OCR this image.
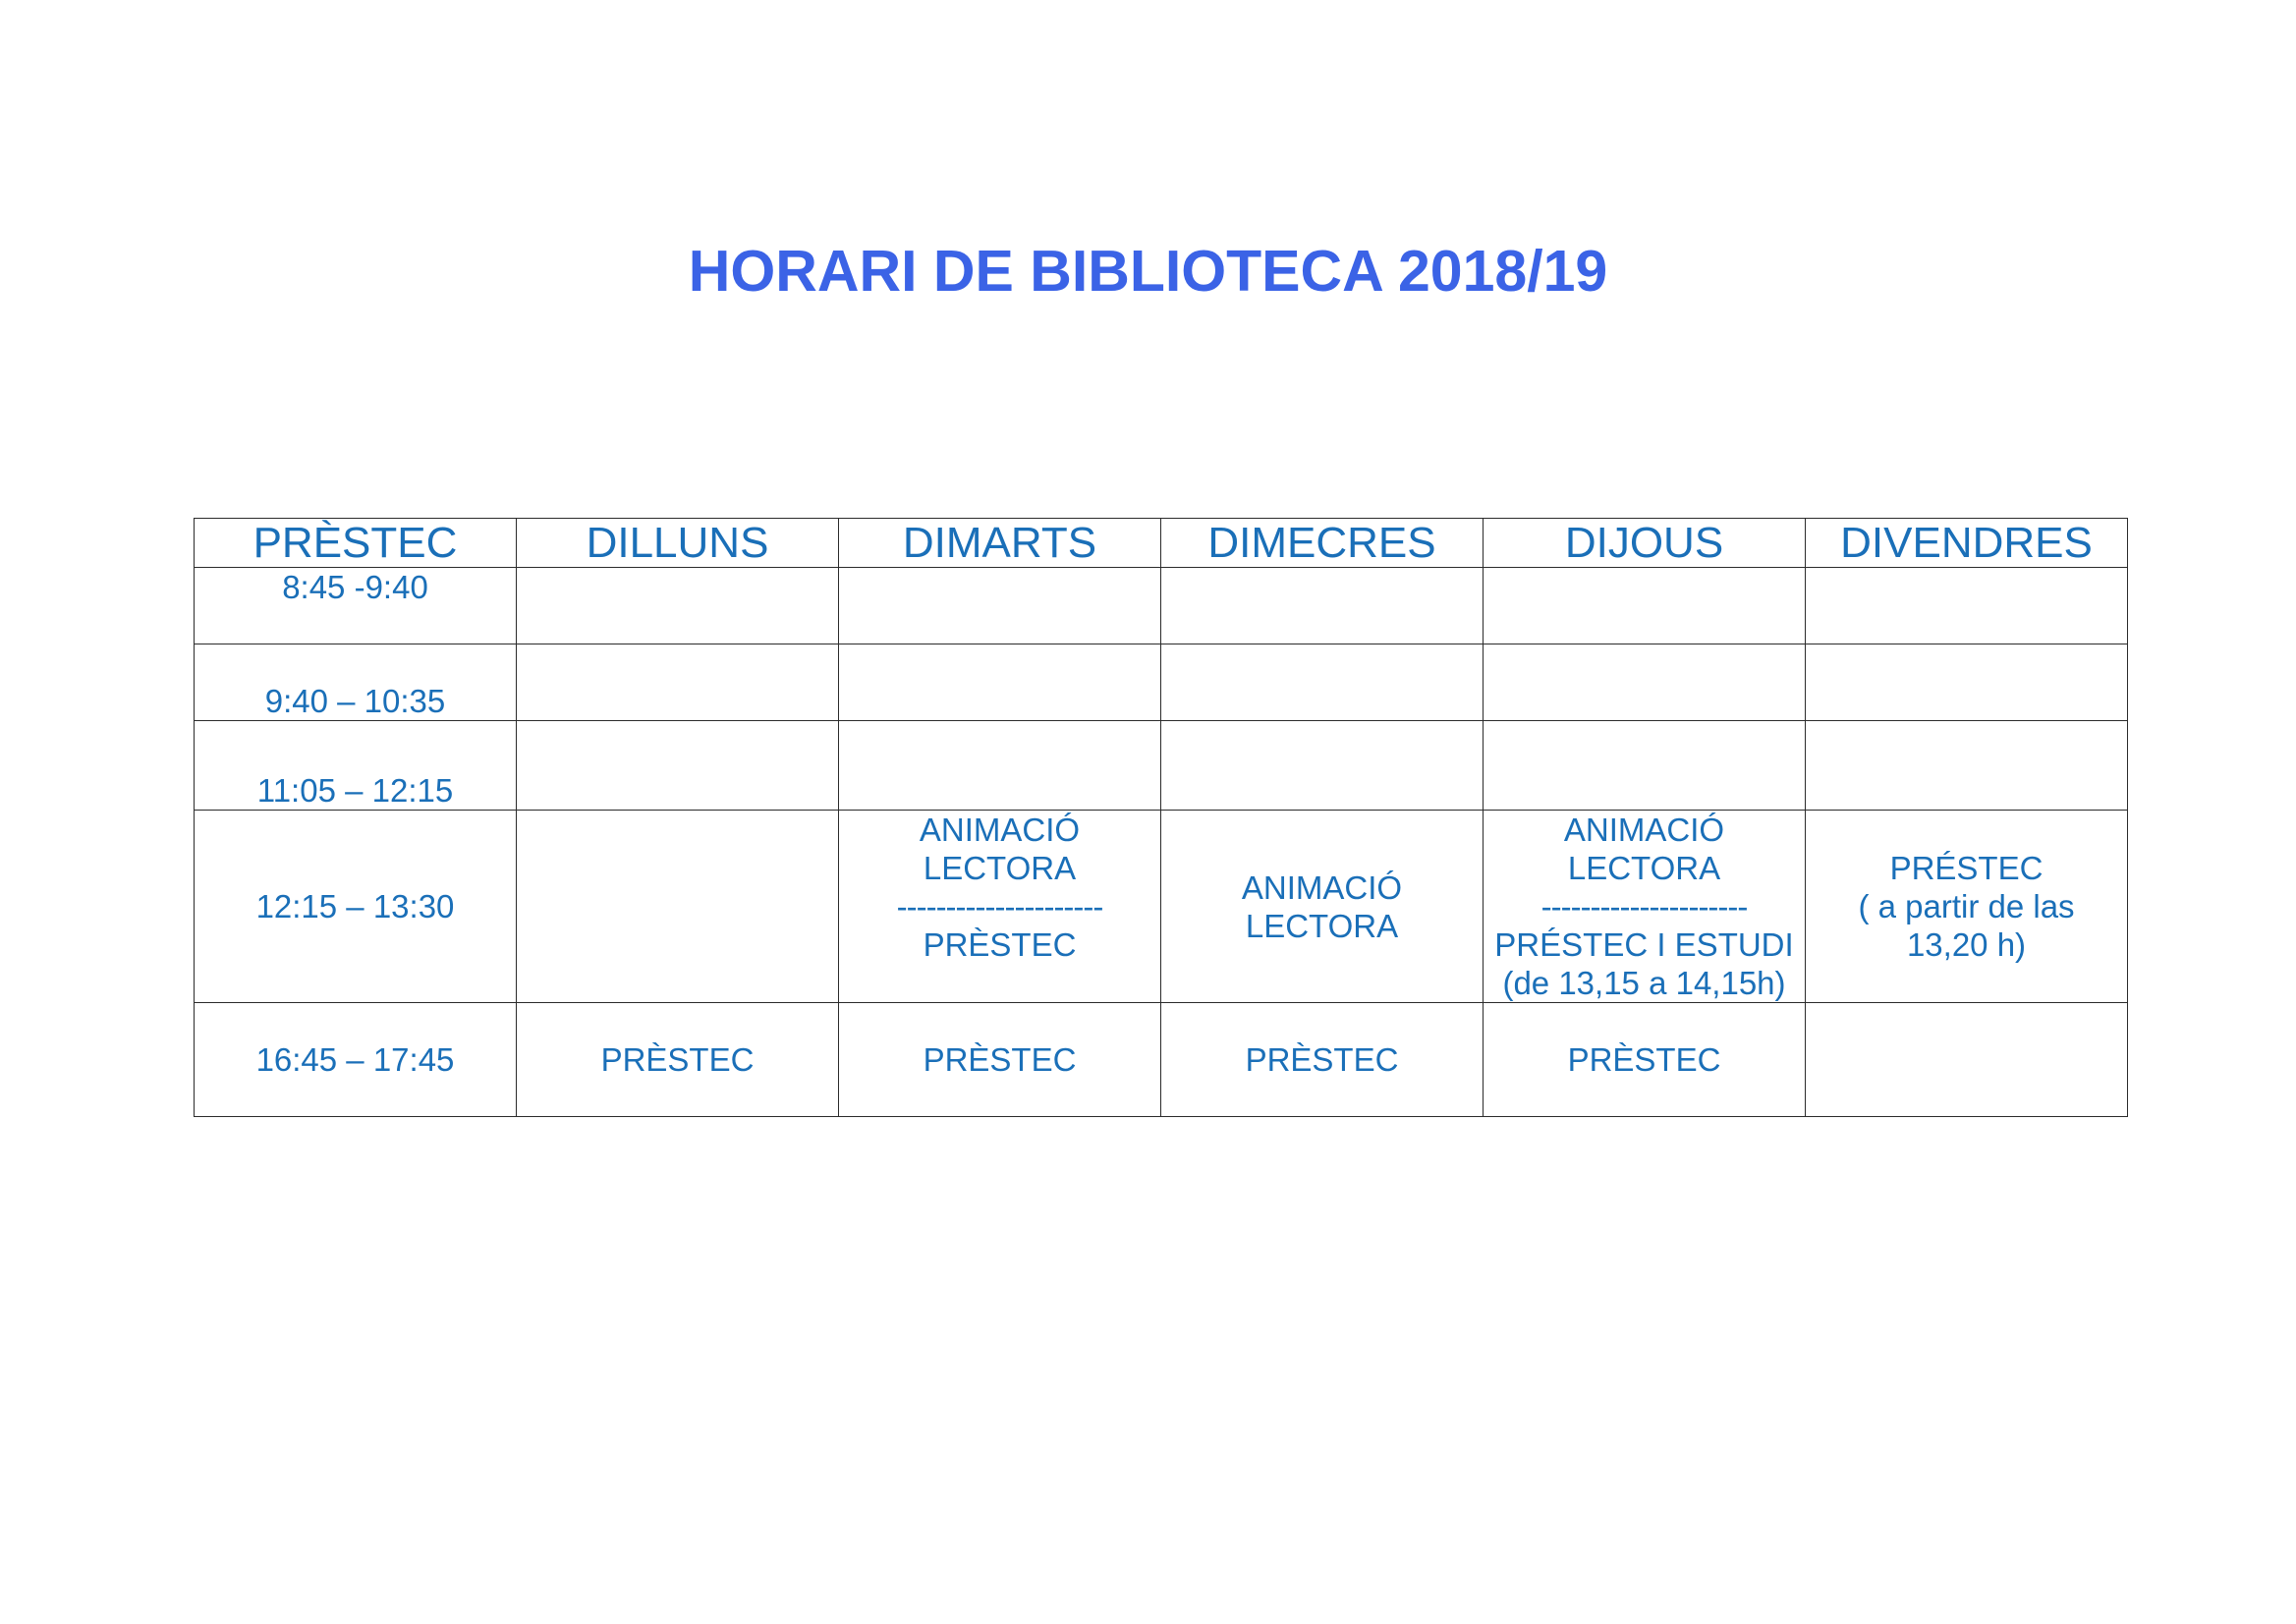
HORARI DE BIBLIOTECA 2018/19
PRÈSTEC	DILLUNS	DIMARTS	DIMECRES	DIJOUS	DIVENDRES
8:45 -9:40					
9:40 – 10:35					
11:05 – 12:15					
12:15 – 13:30		ANIMACIÓ
LECTORA
---------------------
PRÈSTEC	ANIMACIÓ
LECTORA	ANIMACIÓ
LECTORA
---------------------
PRÉSTEC I ESTUDI
(de 13,15 a 14,15h)	PRÉSTEC
( a partir de las
13,20 h)

16:45 – 17:45	PRÈSTEC	PRÈSTEC	PRÈSTEC	PRÈSTEC	
